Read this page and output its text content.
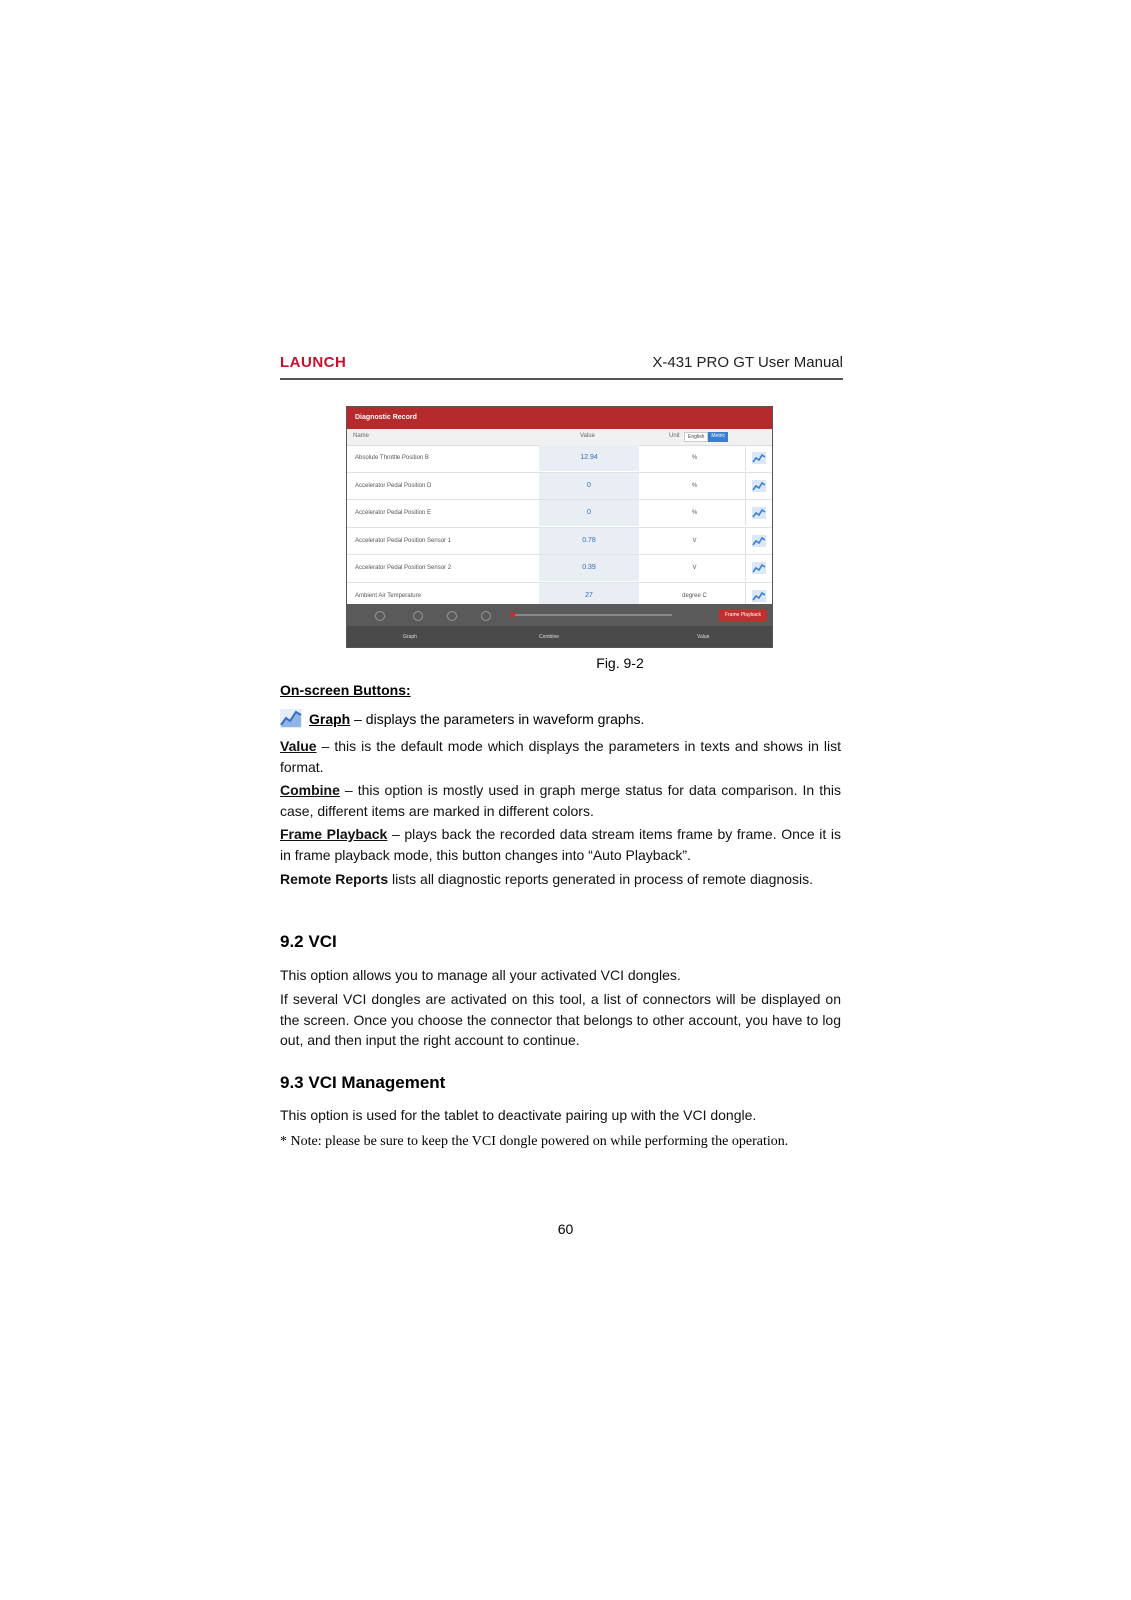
LAUNCH	X-431 PRO GT User Manual
Diagnostic Record
Name	Value	Unit	English	Metric
Absolute Throttle Position B	12.94	%
Accelerator Pedal Position D	0	%
Accelerator Pedal Position E	0	%
Accelerator Pedal Position Sensor 1	0.78	V
Accelerator Pedal Position Sensor 2	0.39	V
Ambient Air Temperature	27	degree C
Frame Playback
Graph	Combine	Value
Fig. 9-2
On-screen Buttons:
Graph – displays the parameters in waveform graphs.
Value – this is the default mode which displays the parameters in texts and shows in list format.
Combine – this option is mostly used in graph merge status for data comparison. In this case, different items are marked in different colors.
Frame Playback – plays back the recorded data stream items frame by frame. Once it is in frame playback mode, this button changes into “Auto Playback”.
Remote Reports lists all diagnostic reports generated in process of remote diagnosis.
9.2 VCI
This option allows you to manage all your activated VCI dongles.
If several VCI dongles are activated on this tool, a list of connectors will be displayed on the screen. Once you choose the connector that belongs to other account, you have to log out, and then input the right account to continue.
9.3 VCI Management
This option is used for the tablet to deactivate pairing up with the VCI dongle.
* Note: please be sure to keep the VCI dongle powered on while performing the operation.
60
